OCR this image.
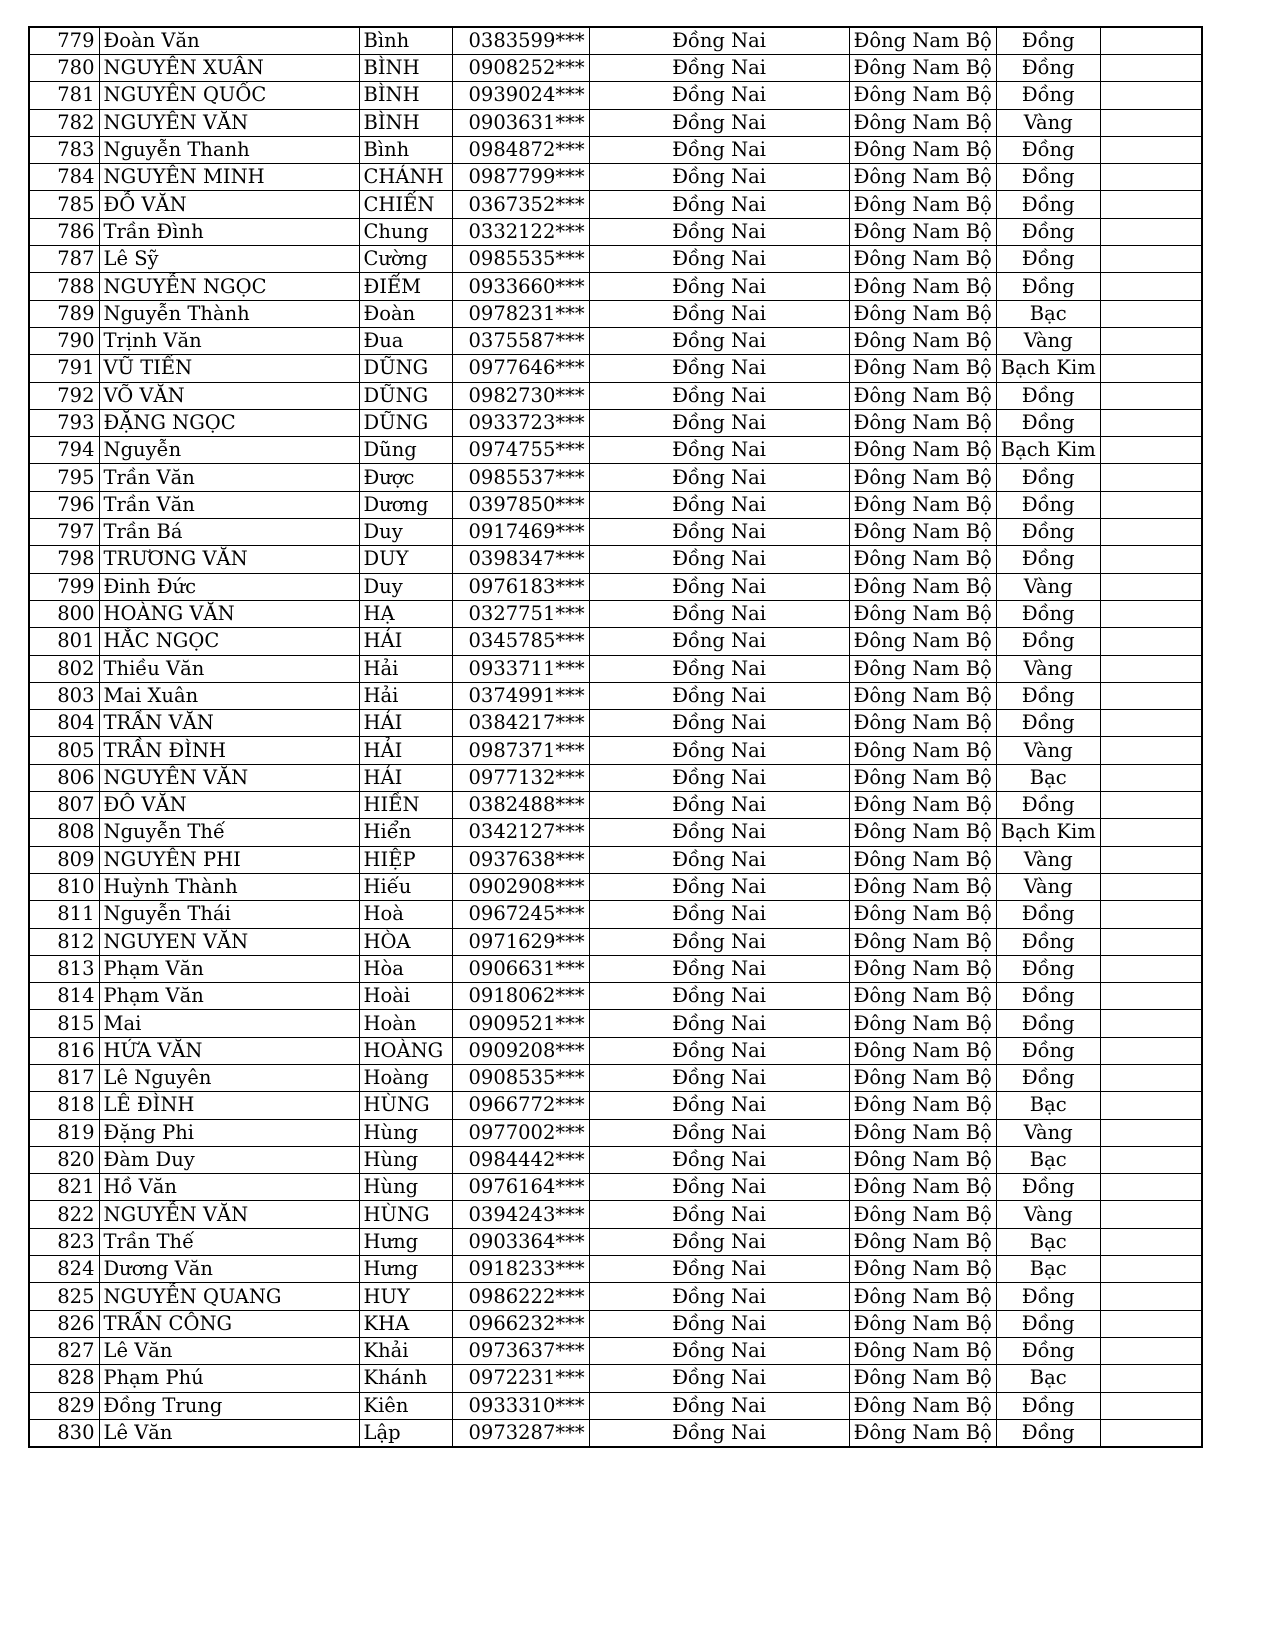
779	Đoàn Văn	Bình	0383599***	Đồng Nai	Đông Nam Bộ	Đồng	
780	NGUYỄN XUÂN	BÌNH	0908252***	Đồng Nai	Đông Nam Bộ	Đồng	
781	NGUYỄN QUỐC	BÌNH	0939024***	Đồng Nai	Đông Nam Bộ	Đồng	
782	NGUYỄN VĂN	BÌNH	0903631***	Đồng Nai	Đông Nam Bộ	Vàng	
783	Nguyễn Thanh	Bình	0984872***	Đồng Nai	Đông Nam Bộ	Đồng	
784	NGUYỄN MINH	CHÁNH	0987799***	Đồng Nai	Đông Nam Bộ	Đồng	
785	ĐỖ VĂN	CHIẾN	0367352***	Đồng Nai	Đông Nam Bộ	Đồng	
786	Trần Đình	Chung	0332122***	Đồng Nai	Đông Nam Bộ	Đồng	
787	Lê Sỹ	Cường	0985535***	Đồng Nai	Đông Nam Bộ	Đồng	
788	NGUYỄN NGỌC	ĐIỂM	0933660***	Đồng Nai	Đông Nam Bộ	Đồng	
789	Nguyễn Thành	Đoàn	0978231***	Đồng Nai	Đông Nam Bộ	Bạc	
790	Trịnh Văn	Đua	0375587***	Đồng Nai	Đông Nam Bộ	Vàng	
791	VŨ TIẾN	DŨNG	0977646***	Đồng Nai	Đông Nam Bộ	Bạch Kim	
792	VÕ VĂN	DŨNG	0982730***	Đồng Nai	Đông Nam Bộ	Đồng	
793	ĐẶNG NGỌC	DŨNG	0933723***	Đồng Nai	Đông Nam Bộ	Đồng	
794	Nguyễn	Dũng	0974755***	Đồng Nai	Đông Nam Bộ	Bạch Kim	
795	Trần Văn	Được	0985537***	Đồng Nai	Đông Nam Bộ	Đồng	
796	Trần Văn	Dương	0397850***	Đồng Nai	Đông Nam Bộ	Đồng	
797	Trần Bá	Duy	0917469***	Đồng Nai	Đông Nam Bộ	Đồng	
798	TRƯƠNG VĂN	DUY	0398347***	Đồng Nai	Đông Nam Bộ	Đồng	
799	Đinh Đức	Duy	0976183***	Đồng Nai	Đông Nam Bộ	Vàng	
800	HOÀNG VĂN	HẠ	0327751***	Đồng Nai	Đông Nam Bộ	Đồng	
801	HẮC NGỌC	HẢI	0345785***	Đồng Nai	Đông Nam Bộ	Đồng	
802	Thiều Văn	Hải	0933711***	Đồng Nai	Đông Nam Bộ	Vàng	
803	Mai Xuân	Hải	0374991***	Đồng Nai	Đông Nam Bộ	Đồng	
804	TRẦN VĂN	HẢI	0384217***	Đồng Nai	Đông Nam Bộ	Đồng	
805	TRẦN ĐÌNH	HẢI	0987371***	Đồng Nai	Đông Nam Bộ	Vàng	
806	NGUYỄN VĂN	HẢI	0977132***	Đồng Nai	Đông Nam Bộ	Bạc	
807	ĐỖ VĂN	HIỀN	0382488***	Đồng Nai	Đông Nam Bộ	Đồng	
808	Nguyễn Thế	Hiển	0342127***	Đồng Nai	Đông Nam Bộ	Bạch Kim	
809	NGUYỄN PHI	HIỆP	0937638***	Đồng Nai	Đông Nam Bộ	Vàng	
810	Huỳnh Thành	Hiếu	0902908***	Đồng Nai	Đông Nam Bộ	Vàng	
811	Nguyễn Thái	Hoà	0967245***	Đồng Nai	Đông Nam Bộ	Đồng	
812	NGUYEN VĂN	HÒA	0971629***	Đồng Nai	Đông Nam Bộ	Đồng	
813	Phạm Văn	Hòa	0906631***	Đồng Nai	Đông Nam Bộ	Đồng	
814	Phạm Văn	Hoài	0918062***	Đồng Nai	Đông Nam Bộ	Đồng	
815	Mai	Hoàn	0909521***	Đồng Nai	Đông Nam Bộ	Đồng	
816	HỨA VĂN	HOÀNG	0909208***	Đồng Nai	Đông Nam Bộ	Đồng	
817	Lê Nguyên	Hoàng	0908535***	Đồng Nai	Đông Nam Bộ	Đồng	
818	LÊ ĐÌNH	HÙNG	0966772***	Đồng Nai	Đông Nam Bộ	Bạc	
819	Đặng Phi	Hùng	0977002***	Đồng Nai	Đông Nam Bộ	Vàng	
820	Đàm Duy	Hùng	0984442***	Đồng Nai	Đông Nam Bộ	Bạc	
821	Hồ Văn	Hùng	0976164***	Đồng Nai	Đông Nam Bộ	Đồng	
822	NGUYỄN VĂN	HÙNG	0394243***	Đồng Nai	Đông Nam Bộ	Vàng	
823	Trần Thế	Hưng	0903364***	Đồng Nai	Đông Nam Bộ	Bạc	
824	Dương Văn	Hưng	0918233***	Đồng Nai	Đông Nam Bộ	Bạc	
825	NGUYỄN QUANG	HUY	0986222***	Đồng Nai	Đông Nam Bộ	Đồng	
826	TRẦN CÔNG	KHA	0966232***	Đồng Nai	Đông Nam Bộ	Đồng	
827	Lê Văn	Khải	0973637***	Đồng Nai	Đông Nam Bộ	Đồng	
828	Phạm Phú	Khánh	0972231***	Đồng Nai	Đông Nam Bộ	Bạc	
829	Đồng Trung	Kiên	0933310***	Đồng Nai	Đông Nam Bộ	Đồng	
830	Lê Văn	Lập	0973287***	Đồng Nai	Đông Nam Bộ	Đồng	
